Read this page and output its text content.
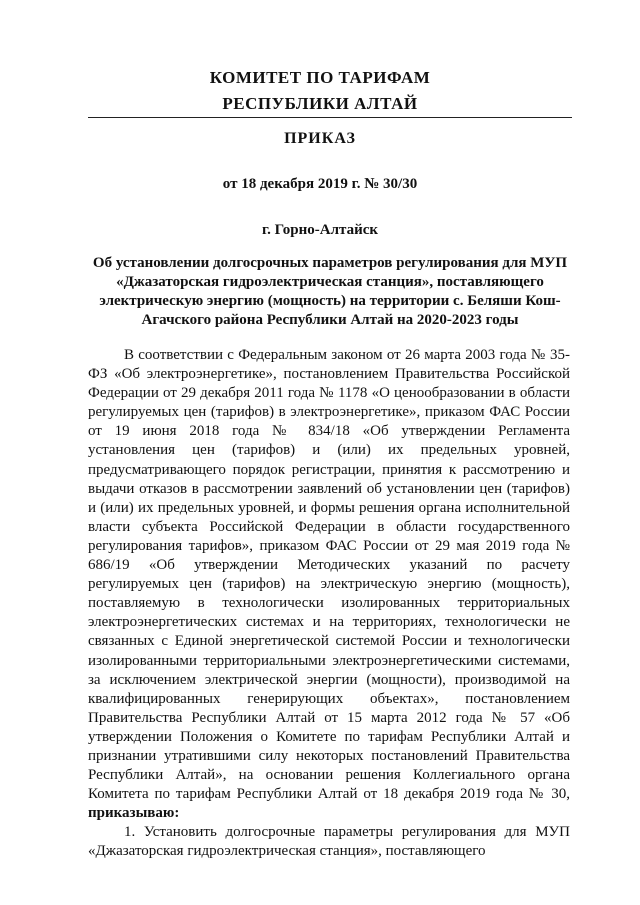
КОМИТЕТ ПО ТАРИФАМ
РЕСПУБЛИКИ АЛТАЙ
ПРИКАЗ
от 18 декабря 2019 г. № 30/30
г. Горно-Алтайск
Об установлении долгосрочных параметров регулирования для МУП «Джазаторская гидроэлектрическая станция», поставляющего электрическую энергию (мощность) на территории с. Беляши Кош-Агачского района Республики Алтай на 2020-2023 годы

В соответствии с Федеральным законом от 26 марта 2003 года № 35-ФЗ «Об электроэнергетике», постановлением Правительства Российской Федерации от 29 декабря 2011 года № 1178 «О ценообразовании в области регулируемых цен (тарифов) в электроэнергетике», приказом ФАС России от 19 июня 2018 года № 834/18 «Об утверждении Регламента установления цен (тарифов) и (или) их предельных уровней, предусматривающего порядок регистрации, принятия к рассмотрению и выдачи отказов в рассмотрении заявлений об установлении цен (тарифов) и (или) их предельных уровней, и формы решения органа исполнительной власти субъекта Российской Федерации в области государственного регулирования тарифов», приказом ФАС России от 29 мая 2019 года № 686/19 «Об утверждении Методических указаний по расчету регулируемых цен (тарифов) на электрическую энергию (мощность), поставляемую в технологически изолированных территориальных электроэнергетических системах и на территориях, технологически не связанных с Единой энергетической системой России и технологически изолированными территориальными электроэнергетическими системами, за исключением электрической энергии (мощности), производимой на квалифицированных генерирующих объектах», постановлением Правительства Республики Алтай от 15 марта 2012 года № 57 «Об утверждении Положения о Комитете по тарифам Республики Алтай и признании утратившими силу некоторых постановлений Правительства Республики Алтай», на основании решения Коллегиального органа Комитета по тарифам Республики Алтай от 18 декабря 2019 года № 30, приказываю:

1. Установить долгосрочные параметры регулирования для МУП «Джазаторская гидроэлектрическая станция», поставляющего
